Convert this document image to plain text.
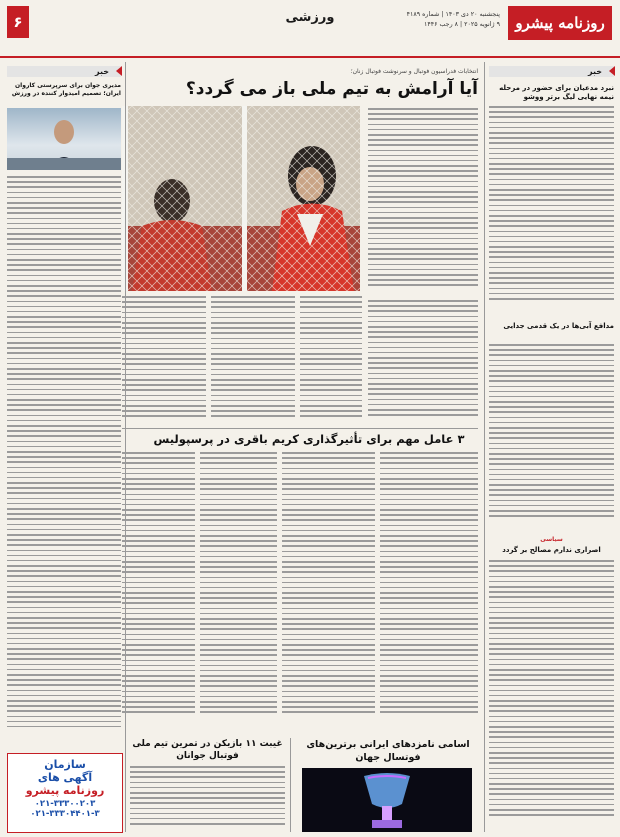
روزنامه پیشرو
پنجشنبه ۲۰ دی ۱۴۰۳ | شماره ۴۱۸۹
۹ ژانویه ۲۰۲۵ | ۸ رجب ۱۴۴۶
ورزشی
۶
خبر
نبرد مدعیان برای حضور در مرحله نیمه نهایی لیگ برتر ووشو
مدافع آبی‌ها در یک قدمی جدایی
سیاسی
اصراری ندارم مصالح بر گردد
انتخابات فدراسیون فوتبال و سرنوشت فوتبال زنان؛
آیا آرامش به تیم ملی باز می گردد؟
۳ عامل مهم برای تأثیرگذاری کریم باقری در پرسپولیس
اسامی نامزدهای ایرانی برترین‌های فوتسال جهان
غیبت ۱۱ بازیکن در تمرین تیم ملی فوتبال جوانان
خبر
مدیری جوان برای سرپرستی کاروان ایران؛ تصمیم امیدوار کننده در ورزش
سازمان
آگهی های
روزنامه پیشرو
۰۲۱-۳۳۳۰۰۲۰۳
۰۲۱-۳۳۳۰۴۴۰۱-۳
